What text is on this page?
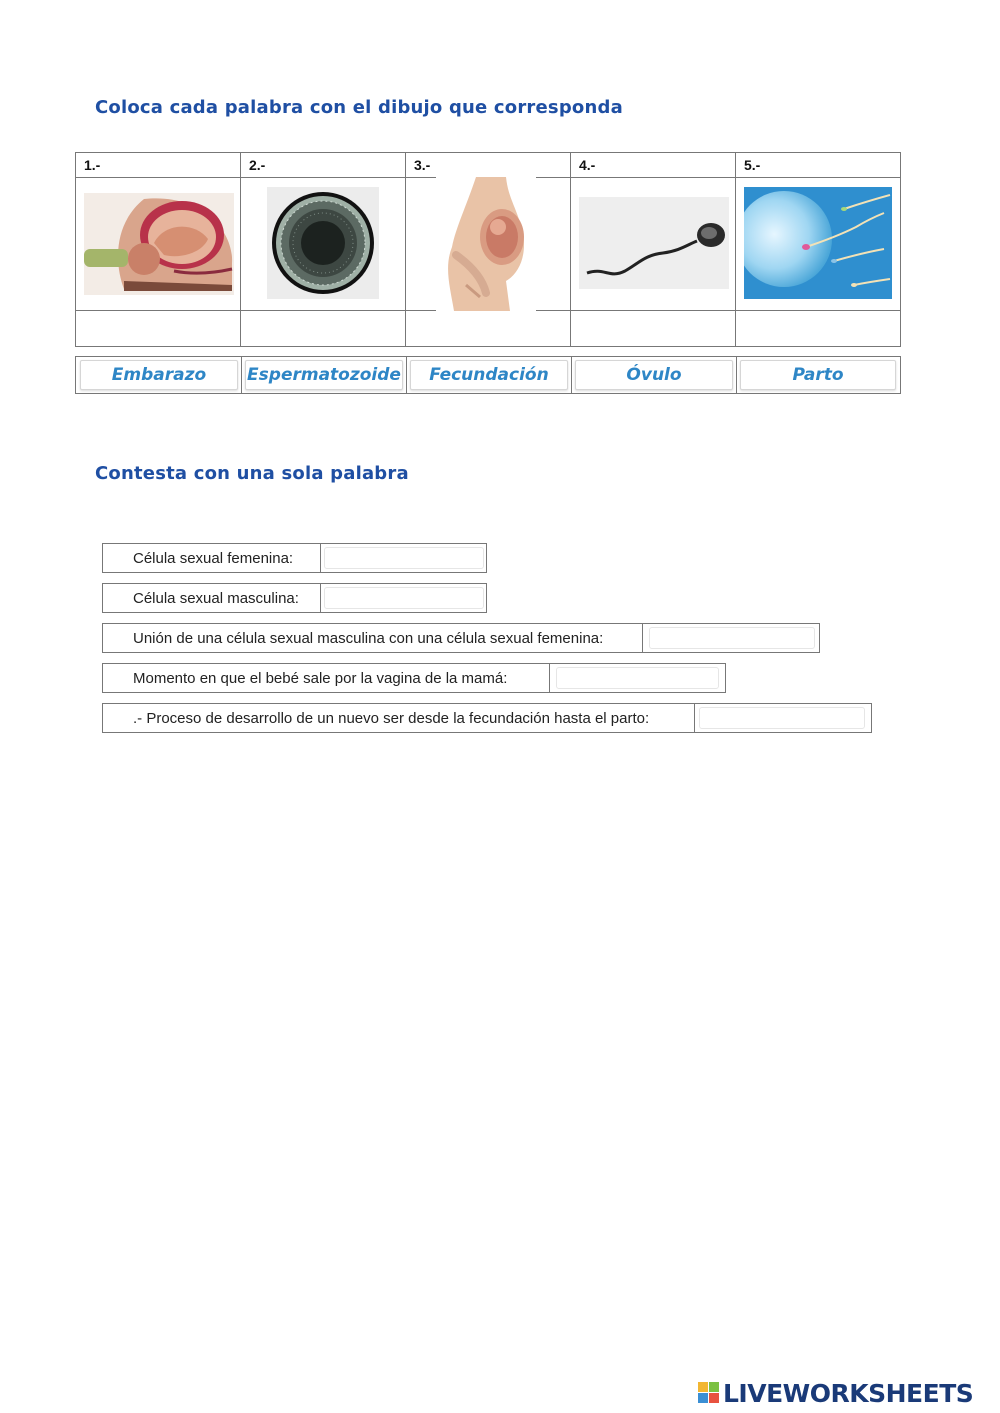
Coloca cada palabra con el dibujo que corresponda
1.-	2.-	3.-	4.-	5.-
Embarazo	Espermatozoide	Fecundación	Óvulo	Parto
Contesta con una sola palabra
Célula sexual femenina:
Célula sexual masculina:
Unión de una célula sexual masculina con una célula sexual femenina:
Momento en que el bebé sale por la vagina de la mamá:
.- Proceso de desarrollo de un nuevo ser desde la fecundación hasta el parto:
LIVEWORKSHEETS
